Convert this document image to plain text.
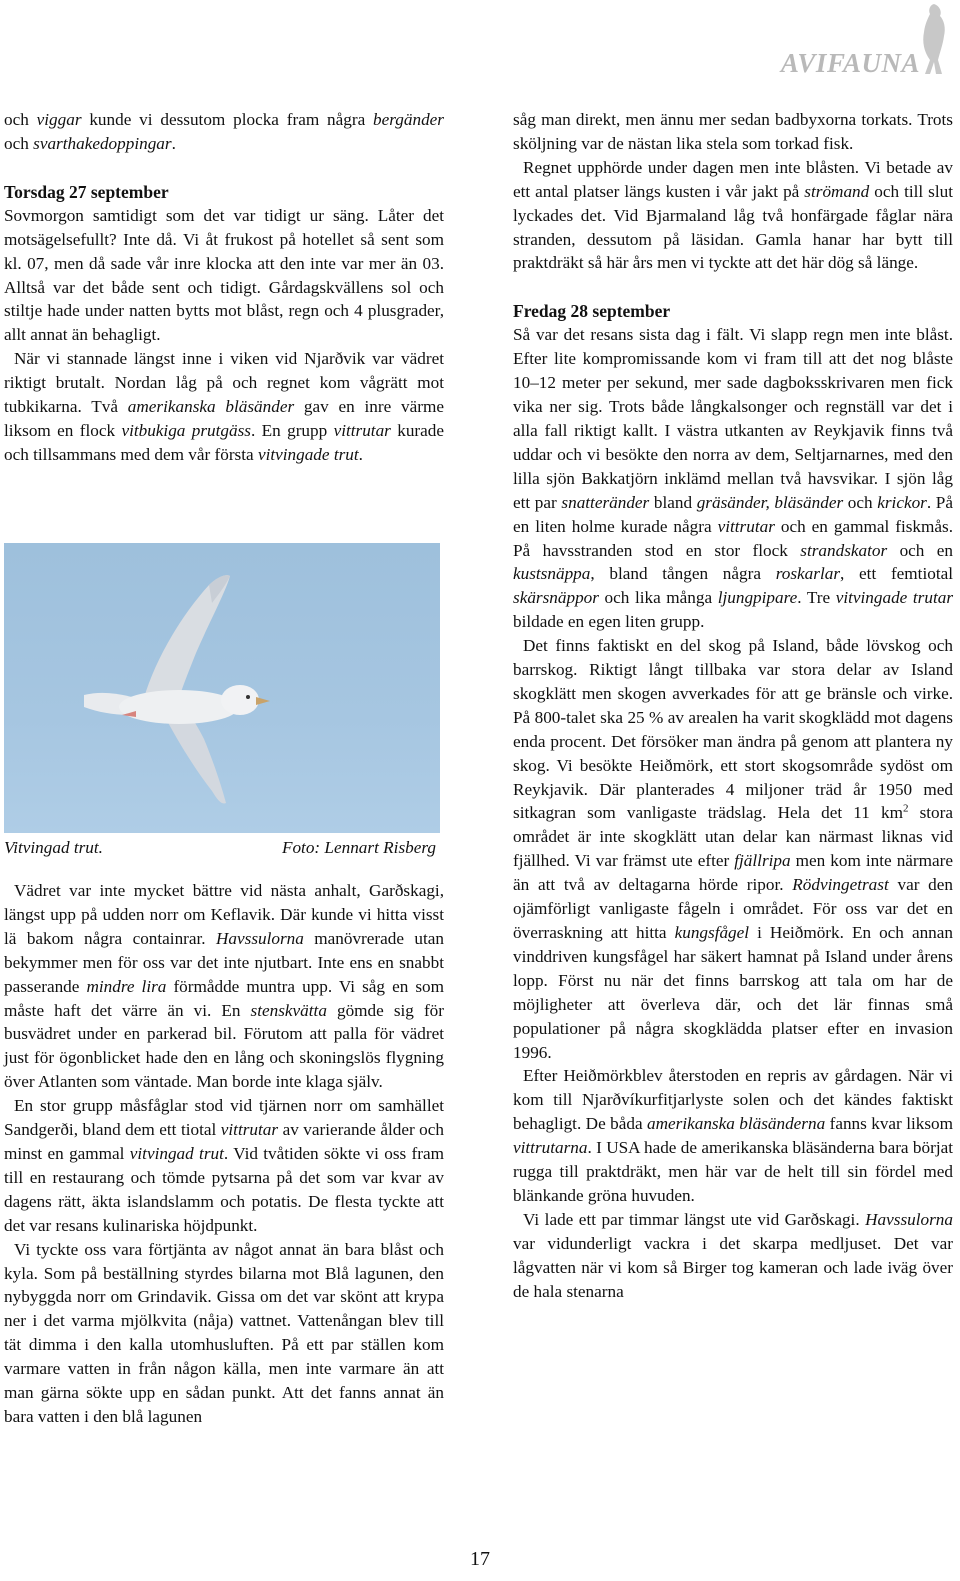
AVIFAUNA

och viggar kunde vi dessutom plocka fram några bergänder och svarthakedoppingar.

Torsdag 27 september

Sovmorgon samtidigt som det var tidigt ur säng. Låter det motsägelsefullt? Inte då. Vi åt frukost på hotellet så sent som kl. 07, men då sade vår inre klocka att den inte var mer än 03. Alltså var det både sent och tidigt. Gårdagskvällens sol och stiltje hade under natten bytts mot blåst, regn och 4 plusgrader, allt annat än behagligt.

När vi stannade längst inne i viken vid Njarðvik var vädret riktigt brutalt. Nordan låg på och regnet kom vågrätt mot tubkikarna. Två amerikanska bläsänder gav en inre värme liksom en flock vitbukiga prutgäss. En grupp vittrutar kurade och tillsammans med dem vår första vitvingade trut.

Vitvingad trut.	Foto: Lennart Risberg

Vädret var inte mycket bättre vid nästa anhalt, Garðskagi, längst upp på udden norr om Keflavik. Där kunde vi hitta visst lä bakom några containrar. Havssulorna manövrerade utan bekymmer men för oss var det inte njutbart. Inte ens en snabbt passerande mindre lira förmådde muntra upp. Vi såg en som måste haft det värre än vi. En stenskvätta gömde sig för busvädret under en parkerad bil. Förutom att palla för vädret just för ögonblicket hade den en lång och skoningslös flygning över Atlanten som väntade. Man borde inte klaga själv.

En stor grupp måsfåglar stod vid tjärnen norr om samhället Sandgerði, bland dem ett tiotal vittrutar av varierande ålder och minst en gammal vitvingad trut. Vid tvåtiden sökte vi oss fram till en restaurang och tömde pytsarna på det som var kvar av dagens rätt, äkta islandslamm och potatis. De flesta tyckte att det var resans kulinariska höjdpunkt.

Vi tyckte oss vara förtjänta av något annat än bara blåst och kyla. Som på beställning styrdes bilarna mot Blå lagunen, den nybyggda norr om Grindavik. Gissa om det var skönt att krypa ner i det varma mjölkvita (nåja) vattnet. Vattenångan blev till tät dimma i den kalla utomhusluften. På ett par ställen kom varmare vatten in från någon källa, men inte varmare än att man gärna sökte upp en sådan punkt. Att det fanns annat än bara vatten i den blå lagunen

såg man direkt, men ännu mer sedan badbyxorna torkats. Trots sköljning var de nästan lika stela som torkad fisk.

Regnet upphörde under dagen men inte blåsten. Vi betade av ett antal platser längs kusten i vår jakt på strömand och till slut lyckades det. Vid Bjarmaland låg två honfärgade fåglar nära stranden, dessutom på läsidan. Gamla hanar har bytt till praktdräkt så här års men vi tyckte att det här dög så länge.

Fredag 28 september

Så var det resans sista dag i fält. Vi slapp regn men inte blåst. Efter lite kompromissande kom vi fram till att det nog blåste 10–12 meter per sekund, mer sade dagboksskrivaren men fick vika ner sig. Trots både långkalsonger och regnställ var det i alla fall riktigt kallt. I västra utkanten av Reykjavik finns två uddar och vi besökte den norra av dem, Seltjarnarnes, med den lilla sjön Bakkatjörn inklämd mellan två havsvikar. I sjön låg ett par snatteränder bland gräsänder, bläsänder och krickor. På en liten holme kurade några vittrutar och en gammal fiskmås. På havsstranden stod en stor flock strandskator och en kustsnäppa, bland tången några roskarlar, ett femtiotal skärsnäppor och lika många ljungpipare. Tre vitvingade trutar bildade en egen liten grupp.

Det finns faktiskt en del skog på Island, både lövskog och barrskog. Riktigt långt tillbaka var stora delar av Island skogklätt men skogen avverkades för att ge bränsle och virke. På 800-talet ska 25 % av arealen ha varit skogklädd mot dagens enda procent. Det försöker man ändra på genom att plantera ny skog. Vi besökte Heiðmörk, ett stort skogsområde sydöst om Reykjavik. Där planterades 4 miljoner träd år 1950 med sitkagran som vanligaste trädslag. Hela det 11 $km^2$ stora området är inte skogklätt utan delar kan närmast liknas vid fjällhed. Vi var främst ute efter fjällripa men kom inte närmare än att två av deltagarna hörde ripor. Rödvingetrast var den ojämförligt vanligaste fågeln i området. För oss var det en överraskning att hitta kungsfågel i Heiðmörk. En och annan vinddriven kungsfågel har säkert hamnat på Island under årens lopp. Först nu när det finns barrskog att tala om har de möjligheter att överleva där, och det lär finnas små populationer på några skogklädda platser efter en invasion 1996.

Efter Heiðmörkblev återstoden en repris av gårdagen. När vi kom till Njarðvíkurfitjarlyste solen och det kändes faktiskt behagligt. De båda amerikanska bläsänderna fanns kvar liksom vittrutarna. I USA hade de amerikanska bläsänderna bara börjat rugga till praktdräkt, men här var de helt till sin fördel med blänkande gröna huvuden.

Vi lade ett par timmar längst ute vid Garðskagi. Havssulorna var vidunderligt vackra i det skarpa medljuset. Det var lågvatten när vi kom så Birger tog kameran och lade iväg över de hala stenarna

17
